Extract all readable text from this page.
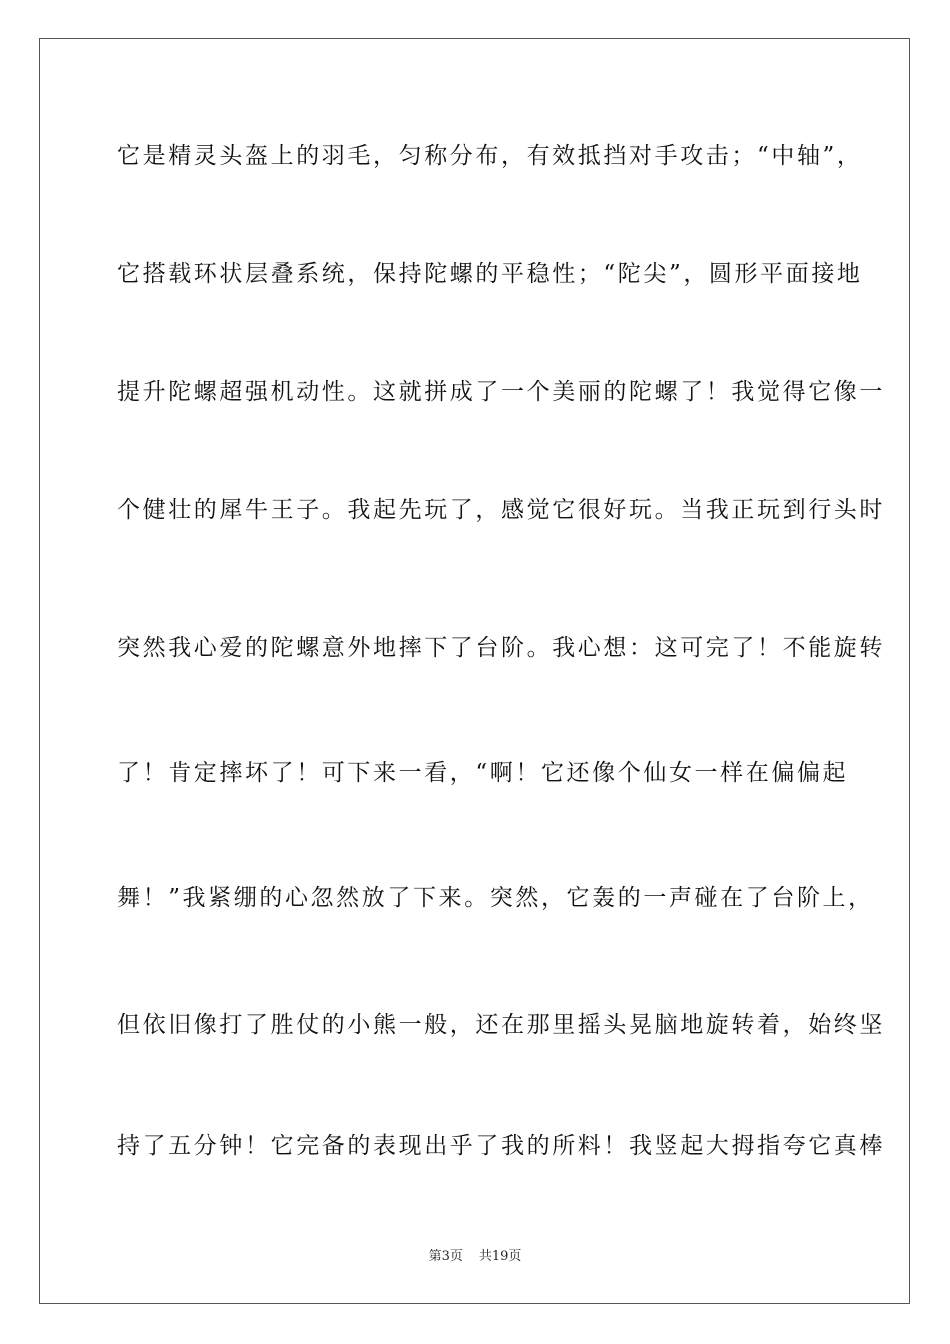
它是精灵头盔上的羽毛，匀称分布，有效抵挡对手攻击；“中轴”，
它搭载环状层叠系统，保持陀螺的平稳性；“陀尖”，圆形平面接地
提升陀螺超强机动性。这就拼成了一个美丽的陀螺了！我觉得它像一
个健壮的犀牛王子。我起先玩了，感觉它很好玩。当我正玩到行头时
突然我心爱的陀螺意外地摔下了台阶。我心想：这可完了！不能旋转
了！肯定摔坏了！可下来一看，“啊！它还像个仙女一样在偏偏起
舞！”我紧绷的心忽然放了下来。突然，它轰的一声碰在了台阶上，
但依旧像打了胜仗的小熊一般，还在那里摇头晃脑地旋转着，始终坚
持了五分钟！它完备的表现出乎了我的所料！我竖起大拇指夸它真棒
第3页 共19页
